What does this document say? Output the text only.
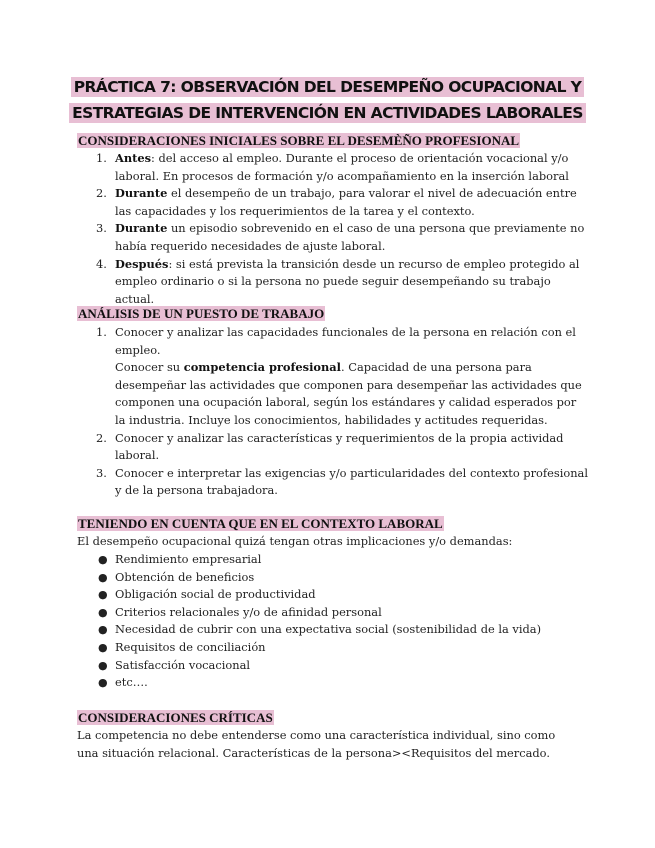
PRÁCTICA 7: OBSERVACIÓN DEL DESEMPEÑO OCUPACIONAL Y
ESTRATEGIAS DE INTERVENCIÓN EN ACTIVIDADES LABORALES
CONSIDERACIONES INICIALES SOBRE EL DESEMÈÑO PROFESIONAL
1. Antes: del acceso al empleo. Durante el proceso de orientación vocacional y/o laboral. En procesos de formación y/o acompañamiento en la inserción laboral
2. Durante el desempeño de un trabajo, para valorar el nivel de adecuación entre las capacidades y los requerimientos de la tarea y el contexto.
3. Durante un episodio sobrevenido en el caso de una persona que previamente no había requerido necesidades de ajuste laboral.
4. Después: si está prevista la transición desde un recurso de empleo protegido al empleo ordinario o si la persona no puede seguir desempeñando su trabajo actual.
ANÁLISIS DE UN PUESTO DE TRABAJO
1. Conocer y analizar las capacidades funcionales de la persona en relación con el empleo.
Conocer su competencia profesional. Capacidad de una persona para desempeñar las actividades que componen para desempeñar las actividades que componen una ocupación laboral, según los estándares y calidad esperados por la industria. Incluye los conocimientos, habilidades y actitudes requeridas.
2. Conocer y analizar las características y requerimientos de la propia actividad laboral.
3. Conocer e interpretar las exigencias y/o particularidades del contexto profesional y de la persona trabajadora.
TENIENDO EN CUENTA QUE EN EL CONTEXTO LABORAL

El desempeño ocupacional quizá tengan otras implicaciones y/o demandas:

● Rendimiento empresarial
● Obtención de beneficios
● Obligación social de productividad
● Criterios relacionales y/o de afinidad personal
● Necesidad de cubrir con una expectativa social (sostenibilidad de la vida)
● Requisitos de conciliación
● Satisfacción vocacional
● etc….
CONSIDERACIONES CRÍTICAS

La competencia no debe entenderse como una característica individual, sino como una situación relacional. Características de la persona><Requisitos del mercado.
